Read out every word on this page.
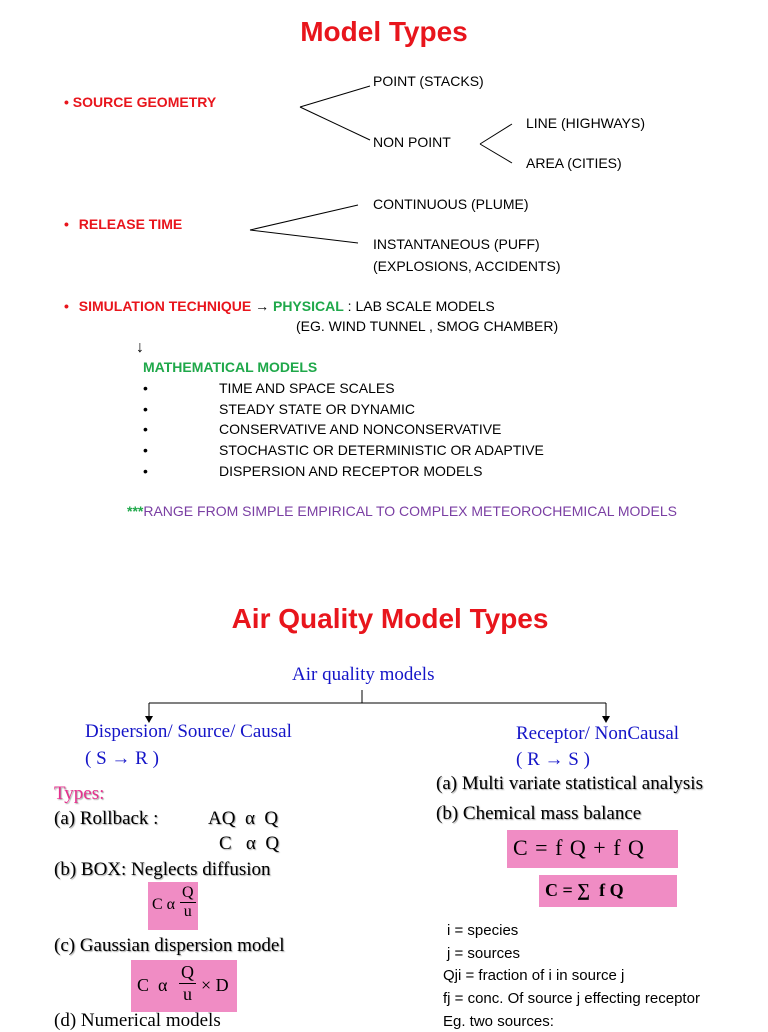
Model Types
• SOURCE GEOMETRY
POINT (STACKS)
NON POINT
LINE (HIGHWAYS)
AREA (CITIES)
• RELEASE TIME
CONTINUOUS (PLUME)
INSTANTANEOUS (PUFF)
(EXPLOSIONS, ACCIDENTS)
• SIMULATION TECHNIQUE → PHYSICAL : LAB SCALE MODELS
(EG. WIND TUNNEL , SMOG CHAMBER)
↓
MATHEMATICAL MODELS
•	TIME AND SPACE SCALES
•	STEADY STATE OR DYNAMIC
•	CONSERVATIVE AND NONCONSERVATIVE
•	STOCHASTIC OR DETERMINISTIC OR ADAPTIVE
•	DISPERSION AND RECEPTOR MODELS
***RANGE FROM SIMPLE EMPIRICAL TO COMPLEX METEOROCHEMICAL MODELS
Air Quality Model Types
Air quality models
Dispersion/ Source/ Causal
( S → R )
Receptor/ NonCausal
( R → S )
Types:
(a) Rollback :	AQ  α  Q
C   α  Q
(b) BOX: Neglects diffusion
C α $\frac{Q}{u}$
(c) Gaussian dispersion model
C  α $\frac{Q}{u} \times D$
(d) Numerical models
(a) Multi variate statistical analysis
(b) Chemical mass balance
C = f Q + f Q
C = ∑  f Q
i = species
j = sources
Qji = fraction of i in source j
fj = conc. Of source j effecting receptor
Eg. two sources:
